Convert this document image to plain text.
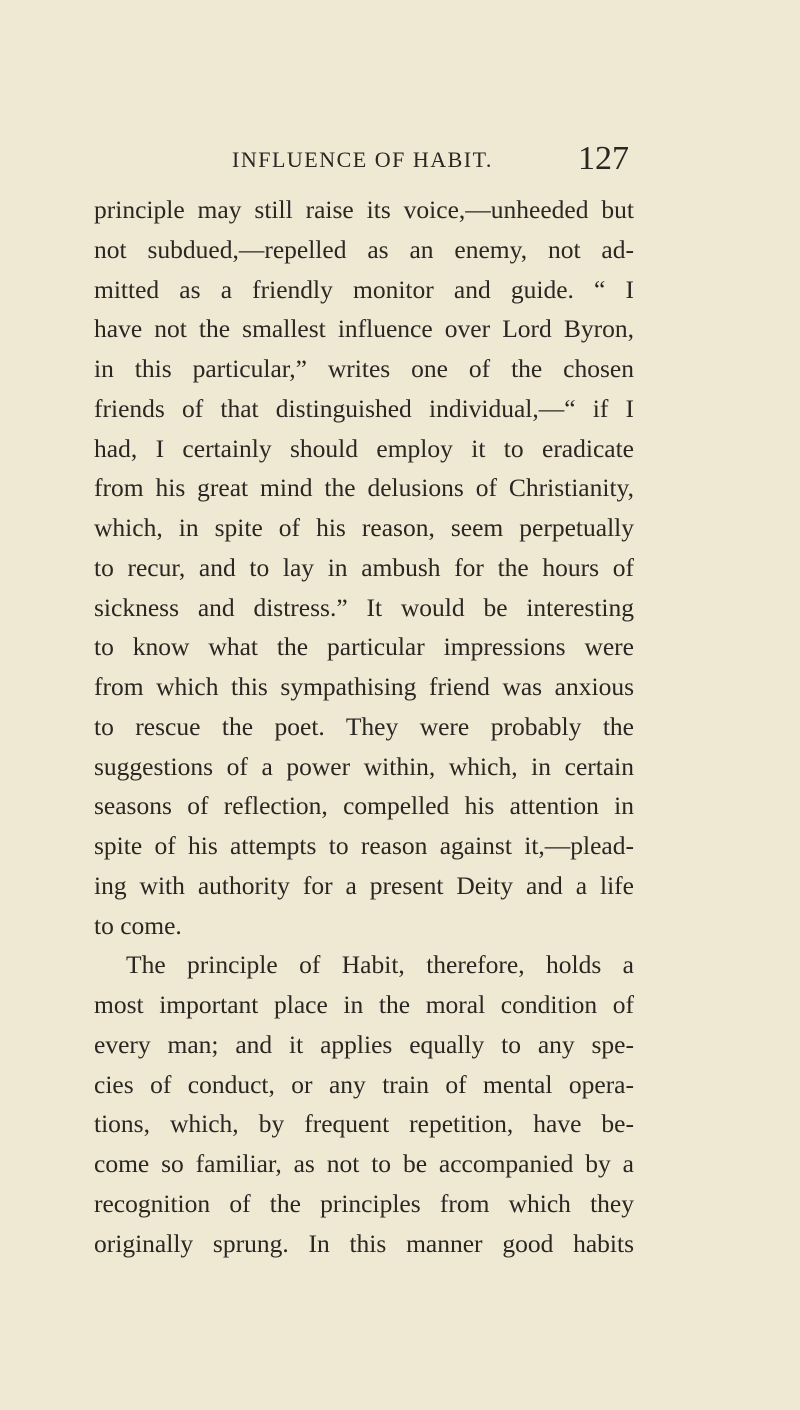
INFLUENCE OF HABIT.	127
principle may still raise its voice,—unheeded but
not subdued,—repelled as an enemy, not ad-
mitted as a friendly monitor and guide. “ I
have not the smallest influence over Lord Byron,
in this particular,” writes one of the chosen
friends of that distinguished individual,—“ if I
had, I certainly should employ it to eradicate
from his great mind the delusions of Christianity,
which, in spite of his reason, seem perpetually
to recur, and to lay in ambush for the hours of
sickness and distress.” It would be interesting
to know what the particular impressions were
from which this sympathising friend was anxious
to rescue the poet. They were probably the
suggestions of a power within, which, in certain
seasons of reflection, compelled his attention in
spite of his attempts to reason against it,—plead-
ing with authority for a present Deity and a life
to come.
The principle of Habit, therefore, holds a
most important place in the moral condition of
every man; and it applies equally to any spe-
cies of conduct, or any train of mental opera-
tions, which, by frequent repetition, have be-
come so familiar, as not to be accompanied by a
recognition of the principles from which they
originally sprung. In this manner good habits
